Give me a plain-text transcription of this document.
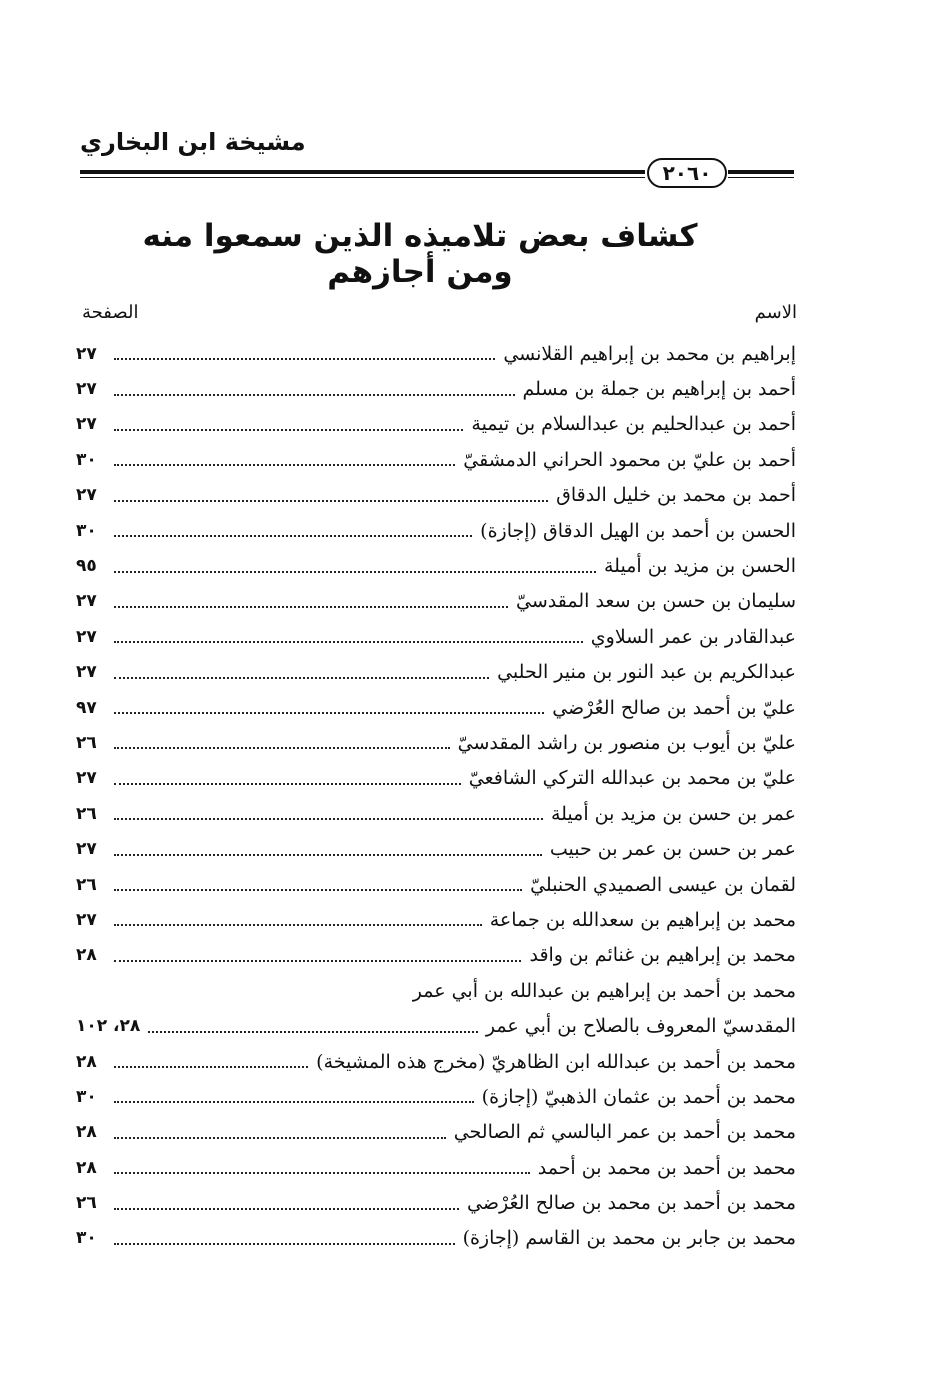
مشيخة ابن البخاري
٢٠٦٠
كشاف بعض تلاميذه الذين سمعوا منه ومن أجازهم
الاسم
الصفحة
إبراهيم بن محمد بن إبراهيم القلانسي
٢٧
أحمد بن إبراهيم بن جملة بن مسلم
٢٧
أحمد بن عبدالحليم بن عبدالسلام بن تيمية
٢٧
أحمد بن عليّ بن محمود الحراني الدمشقيّ
٣٠
أحمد بن محمد بن خليل الدقاق
٢٧
الحسن بن أحمد بن الهيل الدقاق (إجازة)
٣٠
الحسن بن مزيد بن أميلة
٩٥
سليمان بن حسن بن سعد المقدسيّ
٢٧
عبدالقادر بن عمر السلاوي
٢٧
عبدالكريم بن عبد النور بن منير الحلبي
٢٧
عليّ بن أحمد بن صالح العُرْضي
٩٧
عليّ بن أيوب بن منصور بن راشد المقدسيّ
٢٦
عليّ بن محمد بن عبدالله التركي الشافعيّ
٢٧
عمر بن حسن بن مزيد بن أميلة
٢٦
عمر بن حسن بن عمر بن حبيب
٢٧
لقمان بن عيسى الصميدي الحنبليّ
٢٦
محمد بن إبراهيم بن سعدالله بن جماعة
٢٧
محمد بن إبراهيم بن غنائم بن واقد
٢٨
محمد بن أحمد بن إبراهيم بن عبدالله بن أبي عمر
المقدسيّ المعروف بالصلاح بن أبي عمر
٢٨، ١٠٢
محمد بن أحمد بن عبدالله ابن الظاهريّ (مخرج هذه المشيخة)
٢٨
محمد بن أحمد بن عثمان الذهبيّ (إجازة)
٣٠
محمد بن أحمد بن عمر البالسي ثم الصالحي
٢٨
محمد بن أحمد بن محمد بن أحمد
٢٨
محمد بن أحمد بن محمد بن صالح العُرْضي
٢٦
محمد بن جابر بن محمد بن القاسم (إجازة)
٣٠
